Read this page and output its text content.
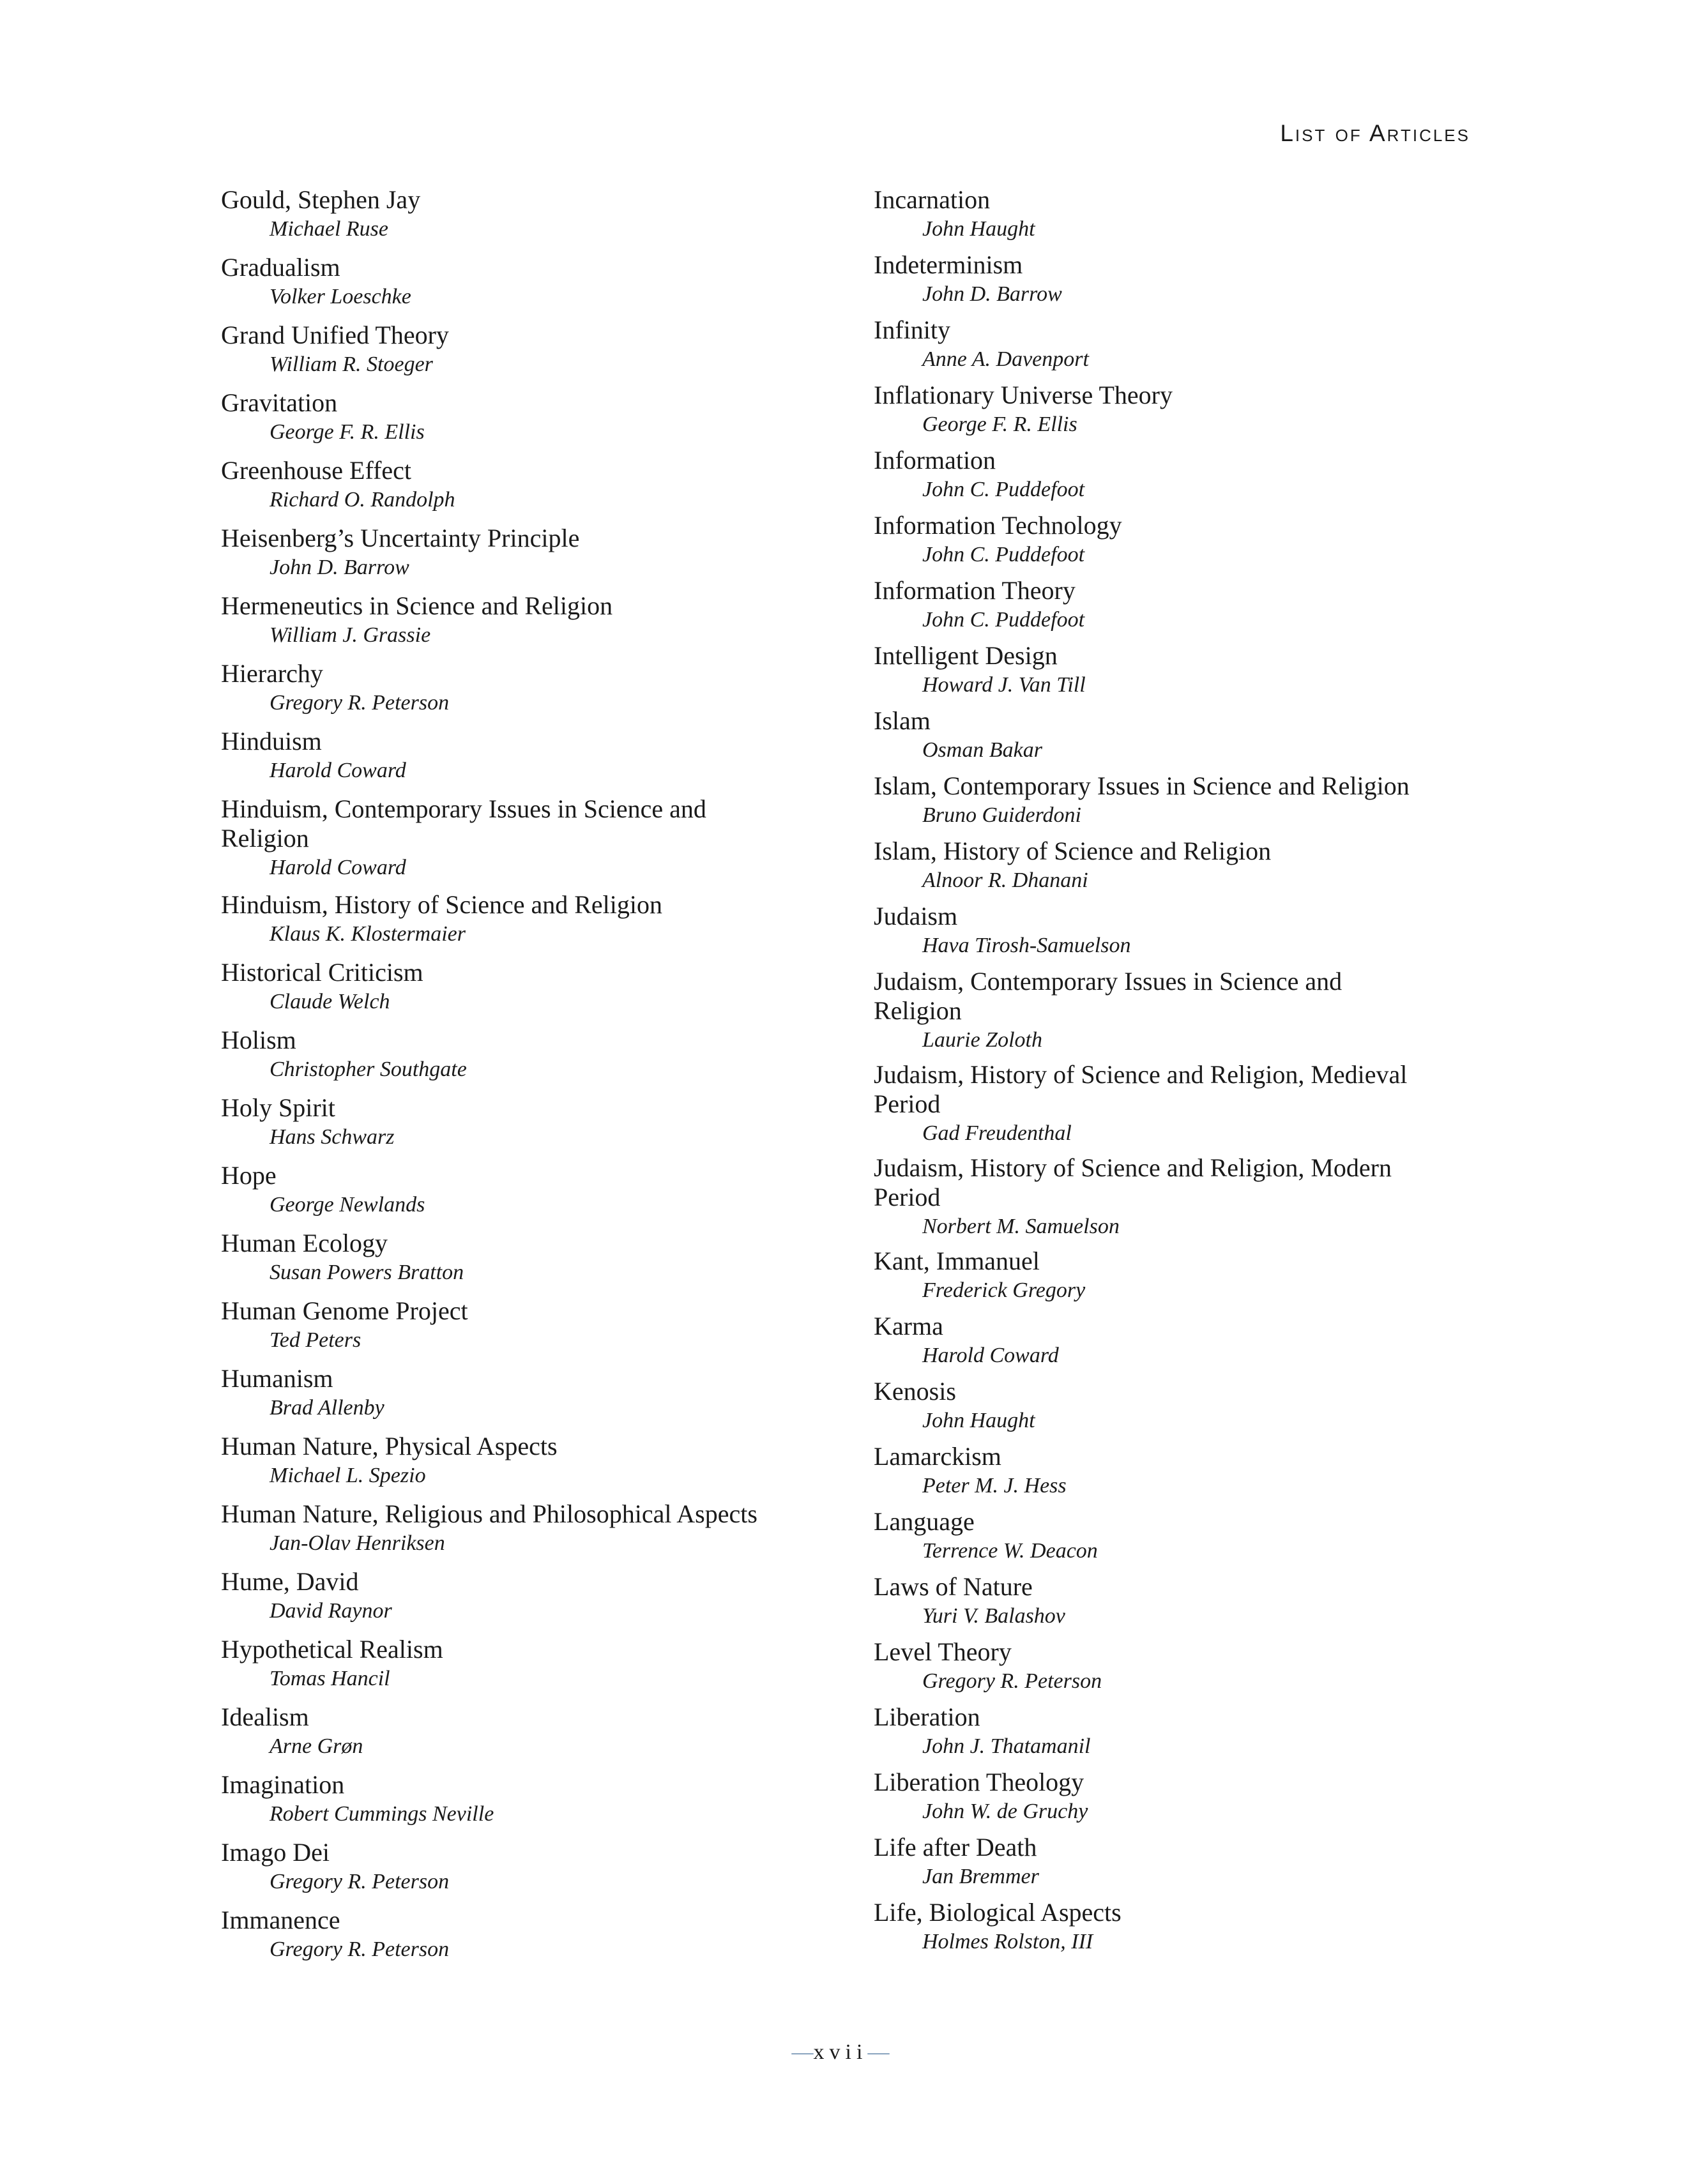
List of Articles
Gould, Stephen Jay
Michael Ruse
Gradualism
Volker Loeschke
Grand Unified Theory
William R. Stoeger
Gravitation
George F. R. Ellis
Greenhouse Effect
Richard O. Randolph
Heisenberg’s Uncertainty Principle
John D. Barrow
Hermeneutics in Science and Religion
William J. Grassie
Hierarchy
Gregory R. Peterson
Hinduism
Harold Coward
Hinduism, Contemporary Issues in Science and Religion
Harold Coward
Hinduism, History of Science and Religion
Klaus K. Klostermaier
Historical Criticism
Claude Welch
Holism
Christopher Southgate
Holy Spirit
Hans Schwarz
Hope
George Newlands
Human Ecology
Susan Powers Bratton
Human Genome Project
Ted Peters
Humanism
Brad Allenby
Human Nature, Physical Aspects
Michael L. Spezio
Human Nature, Religious and Philosophical Aspects
Jan-Olav Henriksen
Hume, David
David Raynor
Hypothetical Realism
Tomas Hancil
Idealism
Arne Grøn
Imagination
Robert Cummings Neville
Imago Dei
Gregory R. Peterson
Immanence
Gregory R. Peterson
Incarnation
John Haught
Indeterminism
John D. Barrow
Infinity
Anne A. Davenport
Inflationary Universe Theory
George F. R. Ellis
Information
John C. Puddefoot
Information Technology
John C. Puddefoot
Information Theory
John C. Puddefoot
Intelligent Design
Howard J. Van Till
Islam
Osman Bakar
Islam, Contemporary Issues in Science and Religion
Bruno Guiderdoni
Islam, History of Science and Religion
Alnoor R. Dhanani
Judaism
Hava Tirosh-Samuelson
Judaism, Contemporary Issues in Science and Religion
Laurie Zoloth
Judaism, History of Science and Religion, Medieval Period
Gad Freudenthal
Judaism, History of Science and Religion, Modern Period
Norbert M. Samuelson
Kant, Immanuel
Frederick Gregory
Karma
Harold Coward
Kenosis
John Haught
Lamarckism
Peter M. J. Hess
Language
Terrence W. Deacon
Laws of Nature
Yuri V. Balashov
Level Theory
Gregory R. Peterson
Liberation
John J. Thatamanil
Liberation Theology
John W. de Gruchy
Life after Death
Jan Bremmer
Life, Biological Aspects
Holmes Rolston, III
—xvii—
